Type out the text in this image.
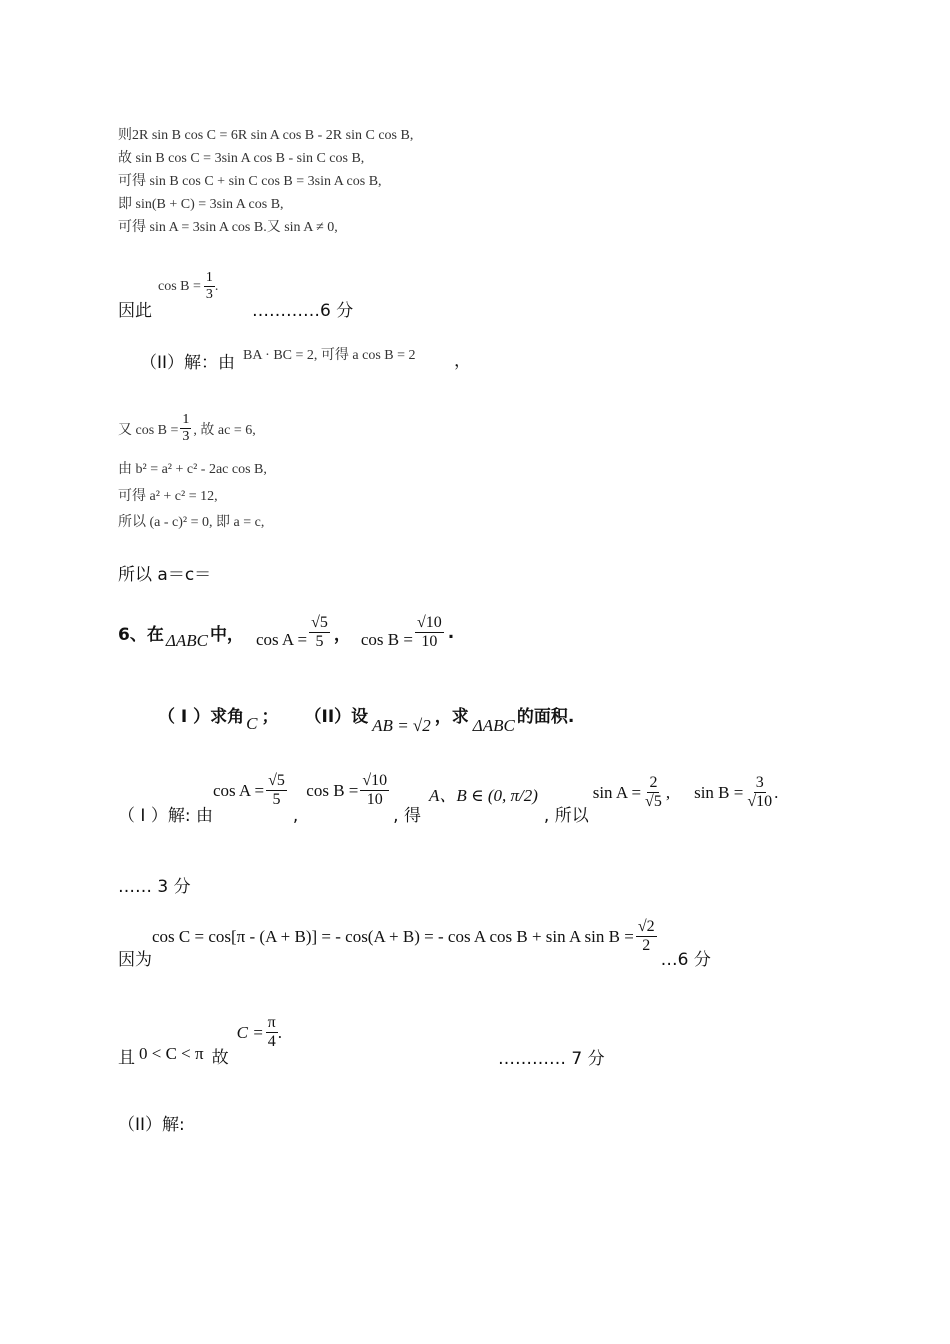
则2R sin B cos C = 6R sin A cos B - 2R sin C cos B,
故 sin B cos C = 3sin A cos B - sin C cos B,
可得 sin B cos C + sin C cos B = 3sin A cos B,
即 sin(B + C) = 3sin A cos B,
可得 sin A = 3sin A cos B.又 sin A ≠ 0,
因此
$\cos B = \frac{1}{3}$ .
…………6 分
（II）解：由 BA · BC = 2, 可得 a cos B = 2 ，
又 $\cos B = \frac{1}{3}$ , 故 ac = 6,
由 b² = a² + c² - 2ac cos B,
可得 a² + c² = 12,
所以 (a - c)² = 0, 即 a = c,
所以 a＝c＝
6、在 ΔABC 中， $\cos A = \frac{√5}{5}$ ， $\cos B = \frac{√10}{10}$ .
（ I ）求角 C ； （II）设 AB = √2 ，求 ΔABC 的面积.
（ I ）解: 由
$\cos A = \frac{√5}{5}$
,
$\cos B = \frac{√10}{10}$
, 得
A、B ∈ (0, π/2)
, 所以
$\sin A = \frac{2}{√5}$ , $\sin B = \frac{3}{√10}$ .
…… 3 分
因为
cos C = cos[π - (A + B)] = - cos(A + B) = - cos A cos B + sin A $\sin B = \frac{√2}{2}$
…6 分
且 0 < C < π 故
$C = \frac{\pi}{4}$ .
………… 7 分
（II）解:
